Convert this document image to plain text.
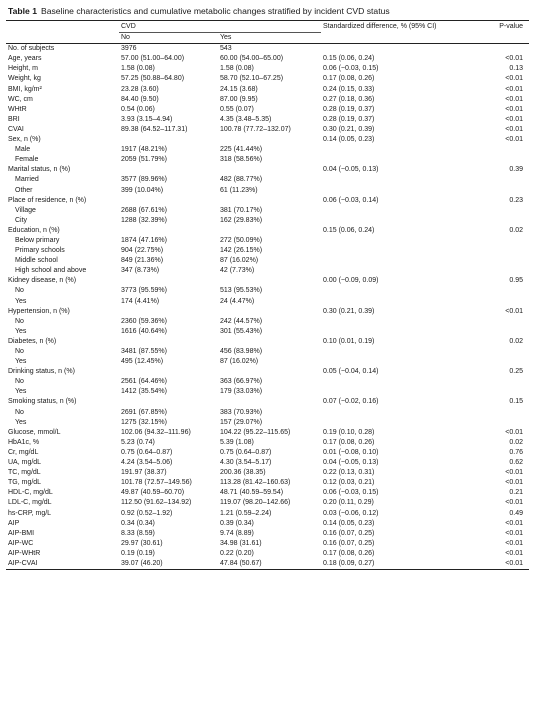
Table 1 Baseline characteristics and cumulative metabolic changes stratified by incident CVD status
	CVD		Standardized difference, % (95% CI)	P-value
	No	Yes		
No. of subjects	3976	543		
Age, years	57.00 (51.00–64.00)	60.00 (54.00–65.00)	0.15 (0.06, 0.24)	<0.01
Height, m	1.58 (0.08)	1.58 (0.08)	0.06 (−0.03, 0.15)	0.13
Weight, kg	57.25 (50.88–64.80)	58.70 (52.10–67.25)	0.17 (0.08, 0.26)	<0.01
BMI, kg/m²	23.28 (3.60)	24.15 (3.68)	0.24 (0.15, 0.33)	<0.01
WC, cm	84.40 (9.50)	87.00 (9.95)	0.27 (0.18, 0.36)	<0.01
WHtR	0.54 (0.06)	0.55 (0.07)	0.28 (0.19, 0.37)	<0.01
BRI	3.93 (3.15–4.94)	4.35 (3.48–5.35)	0.28 (0.19, 0.37)	<0.01
CVAI	89.38 (64.52–117.31)	100.78 (77.72–132.07)	0.30 (0.21, 0.39)	<0.01
Sex, n (%)			0.14 (0.05, 0.23)	<0.01
Male	1917 (48.21%)	225 (41.44%)		
Female	2059 (51.79%)	318 (58.56%)		
Marital status, n (%)			0.04 (−0.05, 0.13)	0.39
Married	3577 (89.96%)	482 (88.77%)		
Other	399 (10.04%)	61 (11.23%)		
Place of residence, n (%)			0.06 (−0.03, 0.14)	0.23
Village	2688 (67.61%)	381 (70.17%)		
City	1288 (32.39%)	162 (29.83%)		
Education, n (%)			0.15 (0.06, 0.24)	0.02
Below primary	1874 (47.16%)	272 (50.09%)		
Primary schools	904 (22.75%)	142 (26.15%)		
Middle school	849 (21.36%)	87 (16.02%)		
High school and above	347 (8.73%)	42 (7.73%)		
Kidney disease, n (%)			0.00 (−0.09, 0.09)	0.95
No	3773 (95.59%)	513 (95.53%)		
Yes	174 (4.41%)	24 (4.47%)		
Hypertension, n (%)			0.30 (0.21, 0.39)	<0.01
No	2360 (59.36%)	242 (44.57%)		
Yes	1616 (40.64%)	301 (55.43%)		
Diabetes, n (%)			0.10 (0.01, 0.19)	0.02
No	3481 (87.55%)	456 (83.98%)		
Yes	495 (12.45%)	87 (16.02%)		
Drinking status, n (%)			0.05 (−0.04, 0.14)	0.25
No	2561 (64.46%)	363 (66.97%)		
Yes	1412 (35.54%)	179 (33.03%)		
Smoking status, n (%)			0.07 (−0.02, 0.16)	0.15
No	2691 (67.85%)	383 (70.93%)		
Yes	1275 (32.15%)	157 (29.07%)		
Glucose, mmol/L	102.06 (94.32–111.96)	104.22 (95.22–115.65)	0.19 (0.10, 0.28)	<0.01
HbA1c, %	5.23 (0.74)	5.39 (1.08)	0.17 (0.08, 0.26)	0.02
Cr, mg/dL	0.75 (0.64–0.87)	0.75 (0.64–0.87)	0.01 (−0.08, 0.10)	0.76
UA, mg/dL	4.24 (3.54–5.06)	4.30 (3.54–5.17)	0.04 (−0.05, 0.13)	0.62
TC, mg/dL	191.97 (38.37)	200.36 (38.35)	0.22 (0.13, 0.31)	<0.01
TG, mg/dL	101.78 (72.57–149.56)	113.28 (81.42–160.63)	0.12 (0.03, 0.21)	<0.01
HDL-C, mg/dL	49.87 (40.59–60.70)	48.71 (40.59–59.54)	0.06 (−0.03, 0.15)	0.21
LDL-C, mg/dL	112.50 (91.62–134.92)	119.07 (98.20–142.66)	0.20 (0.11, 0.29)	<0.01
hs-CRP, mg/L	0.92 (0.52–1.92)	1.21 (0.59–2.24)	0.03 (−0.06, 0.12)	0.49
AIP	0.34 (0.34)	0.39 (0.34)	0.14 (0.05, 0.23)	<0.01
AIP-BMI	8.33 (8.59)	9.74 (8.89)	0.16 (0.07, 0.25)	<0.01
AIP-WC	29.97 (30.61)	34.98 (31.61)	0.16 (0.07, 0.25)	<0.01
AIP-WHtR	0.19 (0.19)	0.22 (0.20)	0.17 (0.08, 0.26)	<0.01
AIP-CVAI	39.07 (46.20)	47.84 (50.67)	0.18 (0.09, 0.27)	<0.01
